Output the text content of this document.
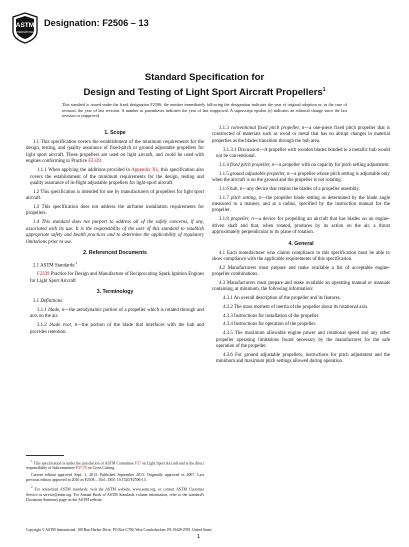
ASTM
INTERNATIONAL
Designation: F2506 – 13
Standard Specification for
Design and Testing of Light Sport Aircraft Propellers$^1$
This standard is issued under the fixed designation F2506; the number immediately following the designation indicates the year of original adoption or, in the case of revision, the year of last revision. A number in parentheses indicates the year of last reapproval. A superscript epsilon (ε) indicates an editorial change since the last revision or reapproval.
1. Scope

1.1 This specification covers the establishment of the minimum requirements for the design, testing, and quality assurance of fixed-pitch or ground adjustable propellers for light sport aircraft. These propellers are used on light aircraft, and could be used with engines conforming to Practice F2339.

1.1.1 When applying the additions provided in Appendix X1, this specification also covers the establishment of the minimum requirements for the design, testing and quality assurance of in-flight adjustable propellers for light-sport aircraft.

1.2 This specification is intended for use by manufacturers of propellers for light sport aircraft.

1.3 This specification does not address the airframe installation requirements for propellers.

1.4 This standard does not purport to address all of the safety concerns, if any, associated with its use. It is the responsibility of the user of this standard to establish appropriate safety and health practices and to determine the applicability of regulatory limitations prior to use.

2. Referenced Documents

2.1 ASTM Standards:$^2$

F2339 Practice for Design and Manufacture of Reciprocating Spark Ignition Engines for Light Sport Aircraft

3. Terminology

3.1 Definitions:

3.1.1 blade, n—the aerodynamic portion of a propeller which is rotated through and acts on the air.

3.1.2 blade root, n—the portion of the blade that interfaces with the hub and provides retention.

3.1.3 conventional fixed pitch propeller, n—a one-piece fixed pitch propeller that is constructed of materials such as wood or metal that has no abrupt changes in material properties as the blades transition through the hub area.

3.1.3.1 Discussion—A propeller with wooden blades bonded to a metallic hub would not be conventional.

3.1.4 fixed pitch propeller, n—a propeller with no capacity for pitch setting adjustment.

3.1.5 ground adjustable propeller, n—a propeller whose pitch setting is adjustable only when the aircraft is on the ground and the propeller is not rotating.

3.1.6 hub, n—any device that retains the blades of a propeller assembly.

3.1.7 pitch setting, n—the propeller blade setting as determined by the blade angle measured in a manner, and at a radius, specified by the instruction manual for the propeller.

3.1.8 propeller, n—a device for propelling an aircraft that has blades on an engine-driven shaft and that, when rotated, produces by its action on the air, a thrust approximately perpendicular to its plane of rotation.

4. General

4.1 Each manufacturer who claims compliance to this specification must be able to show compliance with the applicable requirements of this specification.

4.2 Manufacturers must prepare and make available a list of acceptable engine-propeller combinations.

4.3 Manufacturers must prepare and make available an operating manual or manuals containing, at minimum, the following information:

4.3.1 An overall description of the propeller and its features.

4.3.2 The mass moment of inertia of the propeller about its rotational axis.

4.3.3 Instructions for installation of the propeller.

4.3.4 Instructions for operation of the propeller.

4.3.5 The maximum allowable engine power and rotational speed and any other propeller operating limitations found necessary by the manufacturer for the safe operation of the propeller.

4.3.6 For ground adjustable propellers, instructions for pitch adjustment and the minimum and maximum pitch settings allowed during operation.

$^1$ This specification is under the jurisdiction of ASTM Committee F37 on Light Sport Aircraft and is the direct responsibility of Subcommittee F37.70 on Cross Cutting.

Current edition approved Sept. 1, 2013. Published September 2013. Originally approved in 2007. Last previous edition approved in 2010 as F2506 – 10ε1. DOI: 10.1520/F2506-13.

$^2$ For referenced ASTM standards, visit the ASTM website, www.astm.org, or contact ASTM Customer Service at service@astm.org. For Annual Book of ASTM Standards volume information, refer to the standard's Document Summary page on the ASTM website.

Copyright © ASTM International, 100 Barr Harbor Drive, PO Box C700, West Conshohocken, PA 19428-2959. United States
1
